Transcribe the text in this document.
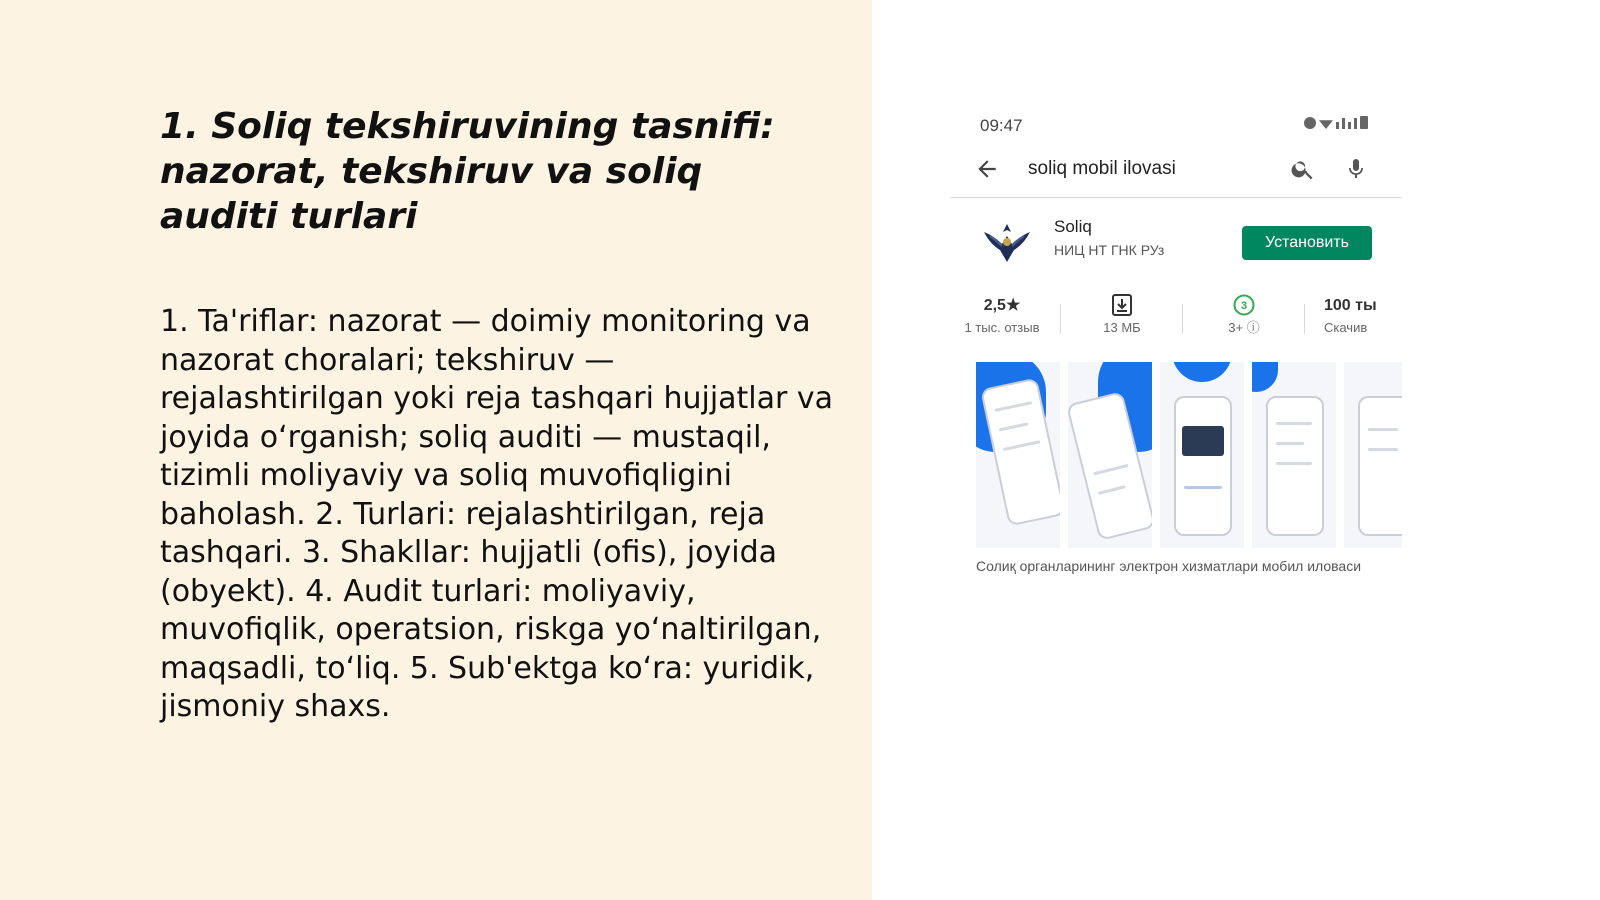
1. Soliq tekshiruvining tasnifi: nazorat, tekshiruv va soliq auditi turlari
1. Ta'riflar: nazorat — doimiy monitoring va nazorat choralari; tekshiruv — rejalashtirilgan yoki reja tashqari hujjatlar va joyida o‘rganish; soliq auditi — mustaqil, tizimli moliyaviy va soliq muvofiqligini baholash. 2. Turlari: rejalashtirilgan, reja tashqari. 3. Shakllar: hujjatli (ofis), joyida (obyekt). 4. Audit turlari: moliyaviy, muvofiqlik, operatsion, riskga yo‘naltirilgan, maqsadli, to‘liq. 5. Sub'ektga ko‘ra: yuridik, jismoniy shaxs.
09:47
soliq mobil ilovasi
Soliq
НИЦ НТ ГНК РУз	Установить
2,5★
1 тыс. отзыв	13 МБ
3
3+ ⓘ
100 ты
Скачив
Солиқ органларининг электрон хизматлари мобил иловаси
